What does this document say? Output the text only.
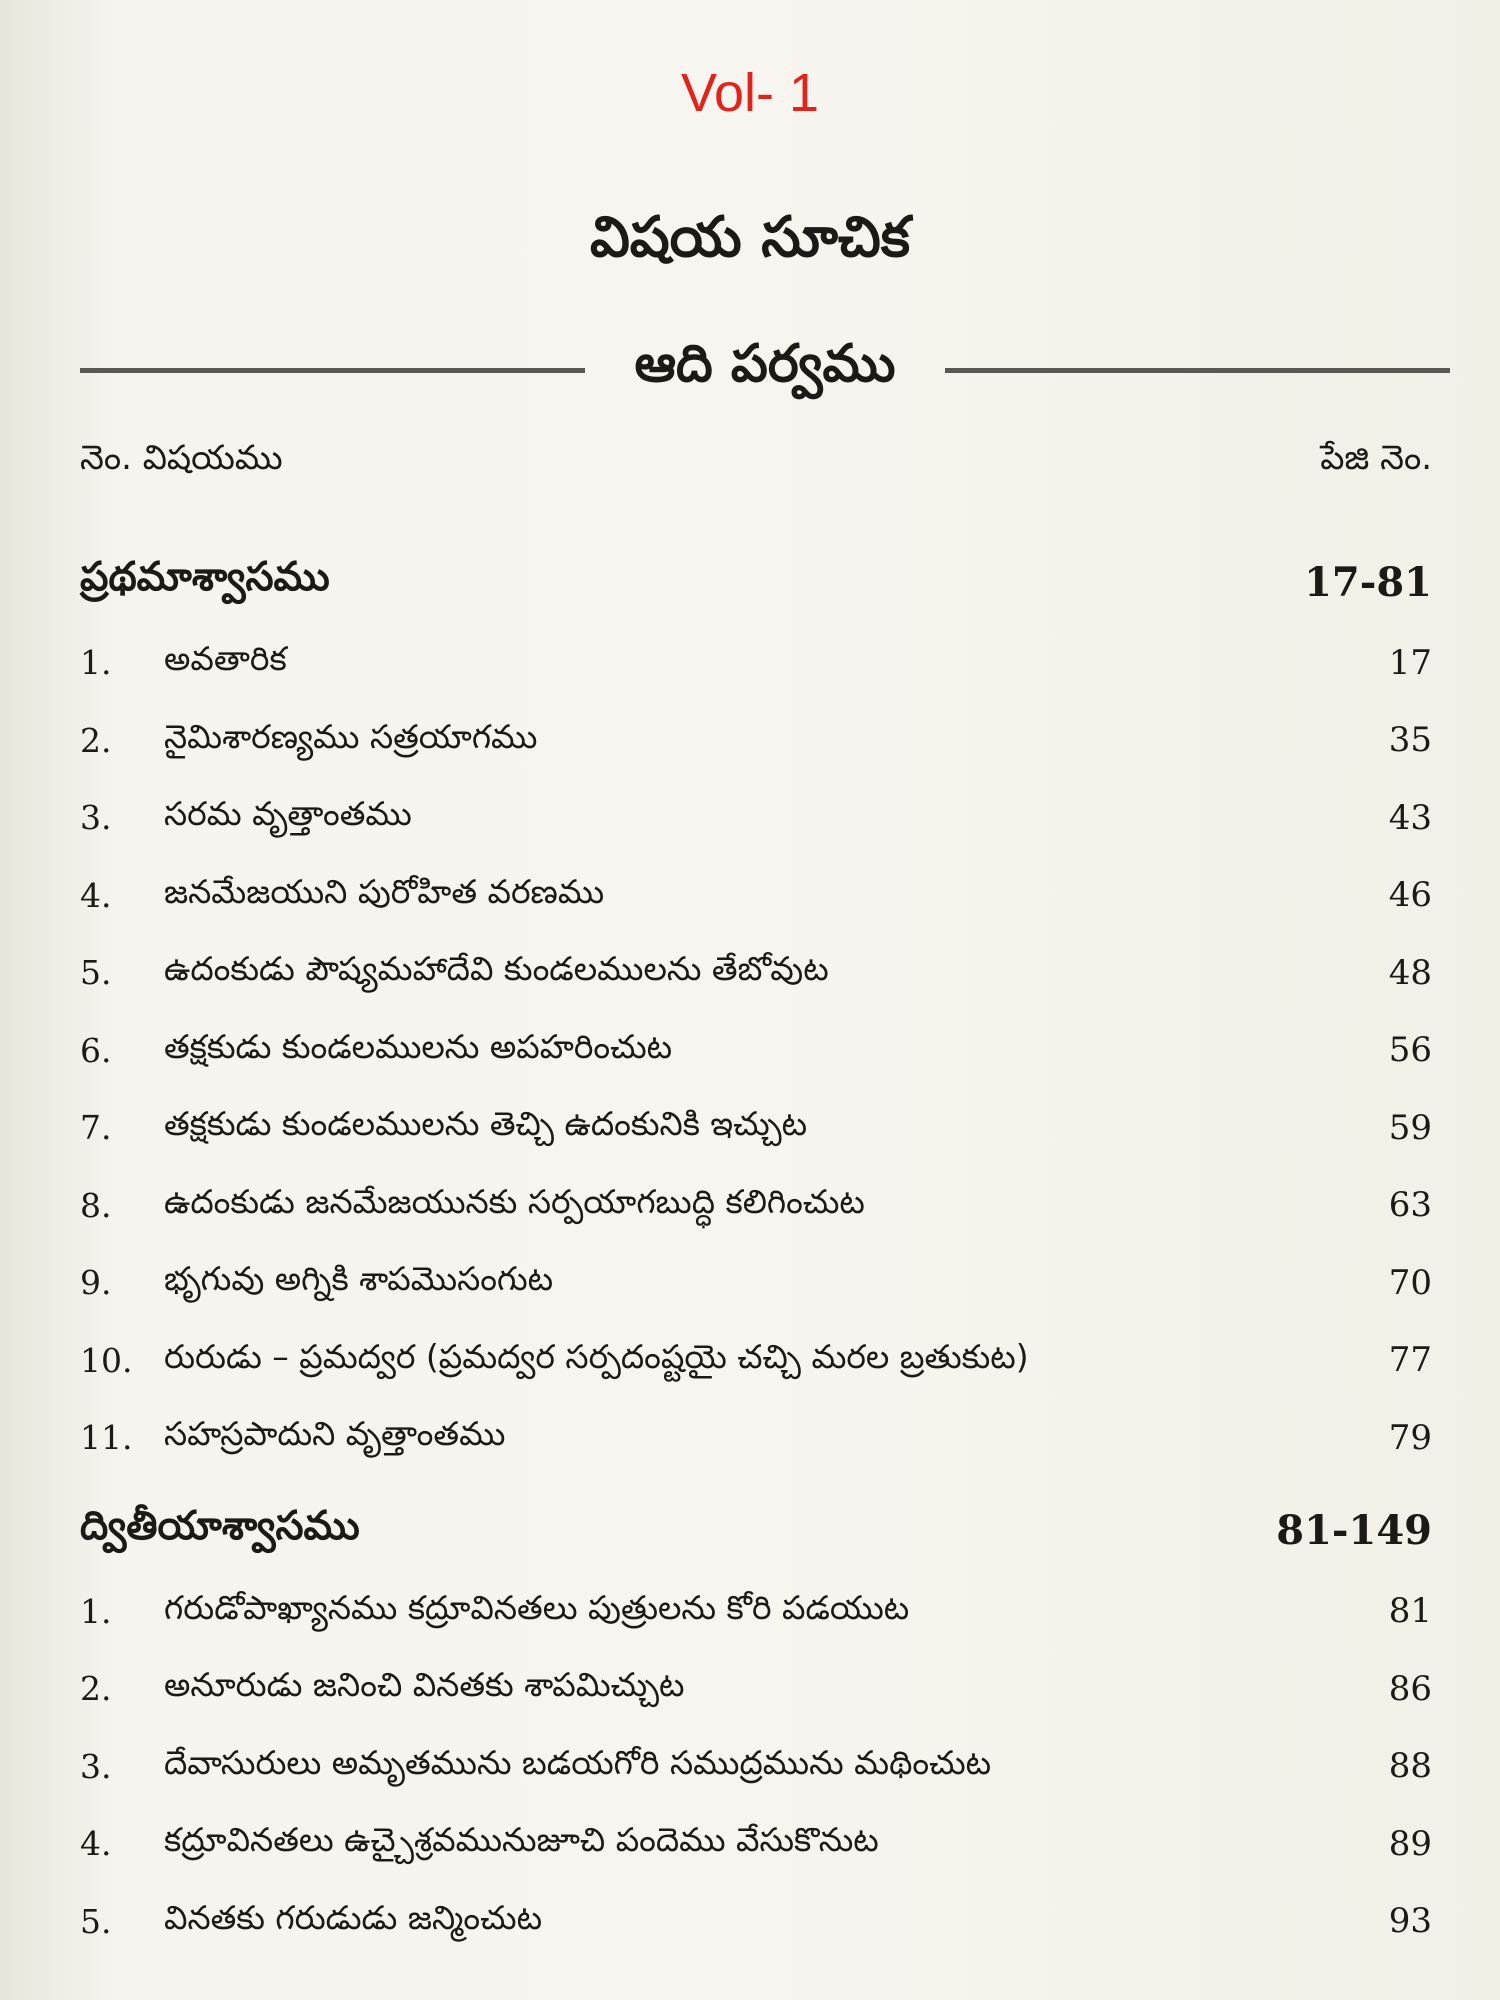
Vol- 1
విషయ సూచిక
ఆది పర్వము
నెం. విషయము	పేజి నెం.
ప్రథమాశ్వాసము	17-81
1.	అవతారిక	17
2.	నైమిశారణ్యము సత్రయాగము	35
3.	సరమ వృత్తాంతము	43
4.	జనమేజయుని పురోహిత వరణము	46
5.	ఉదంకుడు పౌష్యమహాదేవి కుండలములను తేబోవుట	48
6.	తక్షకుడు కుండలములను అపహరించుట	56
7.	తక్షకుడు కుండలములను తెచ్చి ఉదంకునికి ఇచ్చుట	59
8.	ఉదంకుడు జనమేజయునకు సర్పయాగబుద్ధి కలిగించుట	63
9.	భృగువు అగ్నికి శాపమొసంగుట	70
10. రురుడు – ప్రమద్వర (ప్రమద్వర సర్పదంష్టయై చచ్చి మరల బ్రతుకుట)	77
11. సహస్రపాదుని వృత్తాంతము	79
ద్వితీయాశ్వాసము	81-149
1.	గరుడోపాఖ్యానము కద్రూవినతలు పుత్రులను కోరి పడయుట	81
2.	అనూరుడు జనించి వినతకు శాపమిచ్చుట	86
3.	దేవాసురులు అమృతమును బడయగోరి సముద్రమును మథించుట	88
4.	కద్రూవినతలు ఉచ్చైశ్రవమునుజూచి పందెము వేసుకొనుట	89
5.	వినతకు గరుడుడు జన్మించుట	93
